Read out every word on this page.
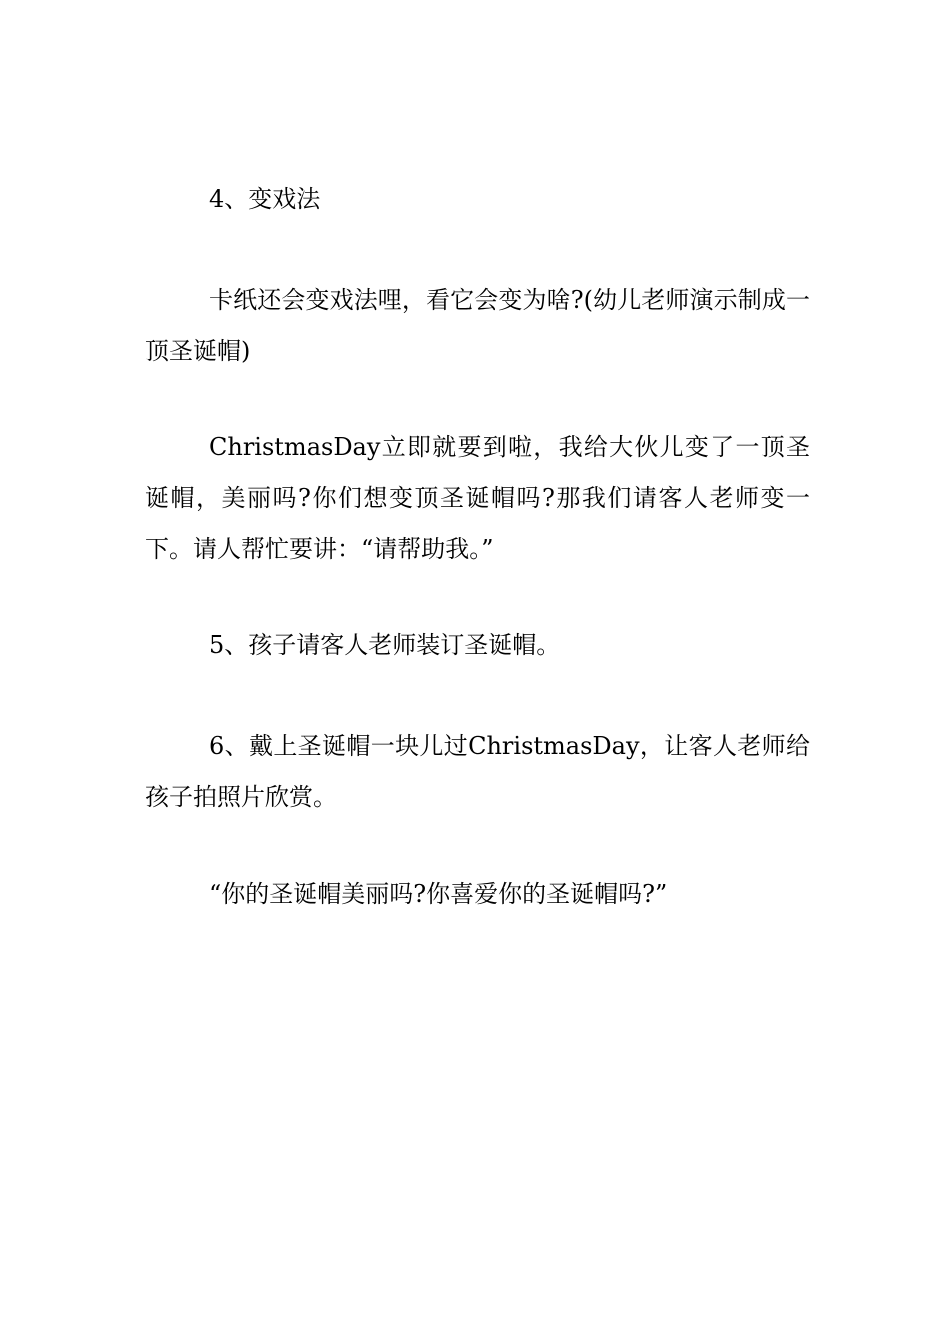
4、变戏法

卡纸还会变戏法哩，看它会变为啥?(幼儿老师演示制成一顶圣诞帽)

ChristmasDay立即就要到啦，我给大伙儿变了一顶圣诞帽，美丽吗?你们想变顶圣诞帽吗?那我们请客人老师变一下。请人帮忙要讲：“请帮助我。”

5、孩子请客人老师装订圣诞帽。

6、戴上圣诞帽一块儿过ChristmasDay，让客人老师给孩子拍照片欣赏。

“你的圣诞帽美丽吗?你喜爱你的圣诞帽吗?”
